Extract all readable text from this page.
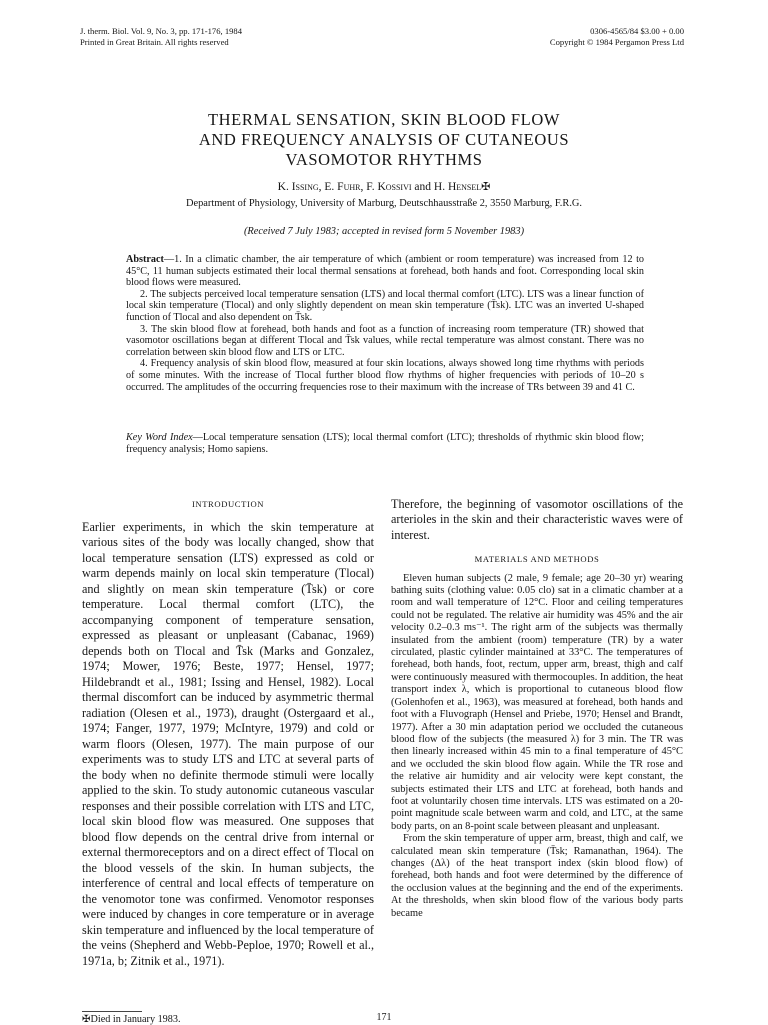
J. therm. Biol. Vol. 9, No. 3, pp. 171-176, 1984
Printed in Great Britain. All rights reserved
0306-4565/84 $3.00 + 0.00
Copyright © 1984 Pergamon Press Ltd
THERMAL SENSATION, SKIN BLOOD FLOW
AND FREQUENCY ANALYSIS OF CUTANEOUS
VASOMOTOR RHYTHMS
K. Issing, E. Fuhr, F. Kossivi and H. Hensel✠
Department of Physiology, University of Marburg, Deutschhausstraße 2, 3550 Marburg, F.R.G.
(Received 7 July 1983; accepted in revised form 5 November 1983)

Abstract—1. In a climatic chamber, the air temperature of which (ambient or room temperature) was increased from 12 to 45°C, 11 human subjects estimated their local thermal sensations at forehead, both hands and foot. Corresponding local skin blood flows were measured.

2. The subjects perceived local temperature sensation (LTS) and local thermal comfort (LTC). LTS was a linear function of local skin temperature (Tlocal) and only slightly dependent on mean skin temperature (T̄sk). LTC was an inverted U-shaped function of Tlocal and also dependent on T̄sk.

3. The skin blood flow at forehead, both hands and foot as a function of increasing room temperature (TR) showed that vasomotor oscillations began at different Tlocal and T̄sk values, while rectal temperature was almost constant. There was no correlation between skin blood flow and LTS or LTC.

4. Frequency analysis of skin blood flow, measured at four skin locations, always showed long time rhythms with periods of some minutes. With the increase of Tlocal further blood flow rhythms of higher frequencies with periods of 10–20 s occurred. The amplitudes of the occurring frequencies rose to their maximum with the increase of TRs between 39 and 41 C.

Key Word Index—Local temperature sensation (LTS); local thermal comfort (LTC); thresholds of rhythmic skin blood flow; frequency analysis; Homo sapiens.
INTRODUCTION

Earlier experiments, in which the skin temperature at various sites of the body was locally changed, show that local temperature sensation (LTS) expressed as cold or warm depends mainly on local skin temperature (Tlocal) and slightly on mean skin temperature (T̄sk) or core temperature. Local thermal comfort (LTC), the accompanying component of temperature sensation, expressed as pleasant or unpleasant (Cabanac, 1969) depends both on Tlocal and T̄sk (Marks and Gonzalez, 1974; Mower, 1976; Beste, 1977; Hensel, 1977; Hildebrandt et al., 1981; Issing and Hensel, 1982). Local thermal discomfort can be induced by asymmetric thermal radiation (Olesen et al., 1973), draught (Ostergaard et al., 1974; Fanger, 1977, 1979; McIntyre, 1979) and cold or warm floors (Olesen, 1977). The main purpose of our experiments was to study LTS and LTC at several parts of the body when no definite thermode stimuli were locally applied to the skin. To study autonomic cutaneous vascular responses and their possible correlation with LTS and LTC, local skin blood flow was measured. One supposes that blood flow depends on the central drive from internal or external thermoreceptors and on a direct effect of Tlocal on the blood vessels of the skin. In human subjects, the interference of central and local effects of temperature on the venomotor tone was confirmed. Venomotor responses were induced by changes in core temperature or in average skin temperature and influenced by the local temperature of the veins (Shepherd and Webb-Peploe, 1970; Rowell et al., 1971a, b; Zitnik et al., 1971).

Therefore, the beginning of vasomotor oscillations of the arterioles in the skin and their characteristic waves were of interest.

MATERIALS AND METHODS

Eleven human subjects (2 male, 9 female; age 20–30 yr) wearing bathing suits (clothing value: 0.05 clo) sat in a climatic chamber at a room and wall temperature of 12°C. Floor and ceiling temperatures could not be regulated. The relative air humidity was 45% and the air velocity 0.2–0.3 ms⁻¹. The right arm of the subjects was thermally insulated from the ambient (room) temperature (TR) by a water circulated, plastic cylinder maintained at 33°C. The temperatures of forehead, both hands, foot, rectum, upper arm, breast, thigh and calf were continuously measured with thermocouples. In addition, the heat transport index λ, which is proportional to cutaneous blood flow (Golenhofen et al., 1963), was measured at forehead, both hands and foot with a Fluvograph (Hensel and Priebe, 1970; Hensel and Brandt, 1977). After a 30 min adaptation period we occluded the cutaneous blood flow of the subjects (the measured λ) for 3 min. The TR was then linearly increased within 45 min to a final temperature of 45°C and we occluded the skin blood flow again. While the TR rose and the relative air humidity and air velocity were kept constant, the subjects estimated their LTS and LTC at forehead, both hands and foot at voluntarily chosen time intervals. LTS was estimated on a 20-point magnitude scale between warm and cold, and LTC, at the same body parts, on an 8-point scale between pleasant and unpleasant.

From the skin temperature of upper arm, breast, thigh and calf, we calculated mean skin temperature (T̄sk; Ramanathan, 1964). The changes (Δλ) of the heat transport index (skin blood flow) of forehead, both hands and foot were determined by the difference of the occlusion values at the beginning and the end of the experiments. At the thresholds, when skin blood flow of the various body parts became

✠Died in January 1983.	171
